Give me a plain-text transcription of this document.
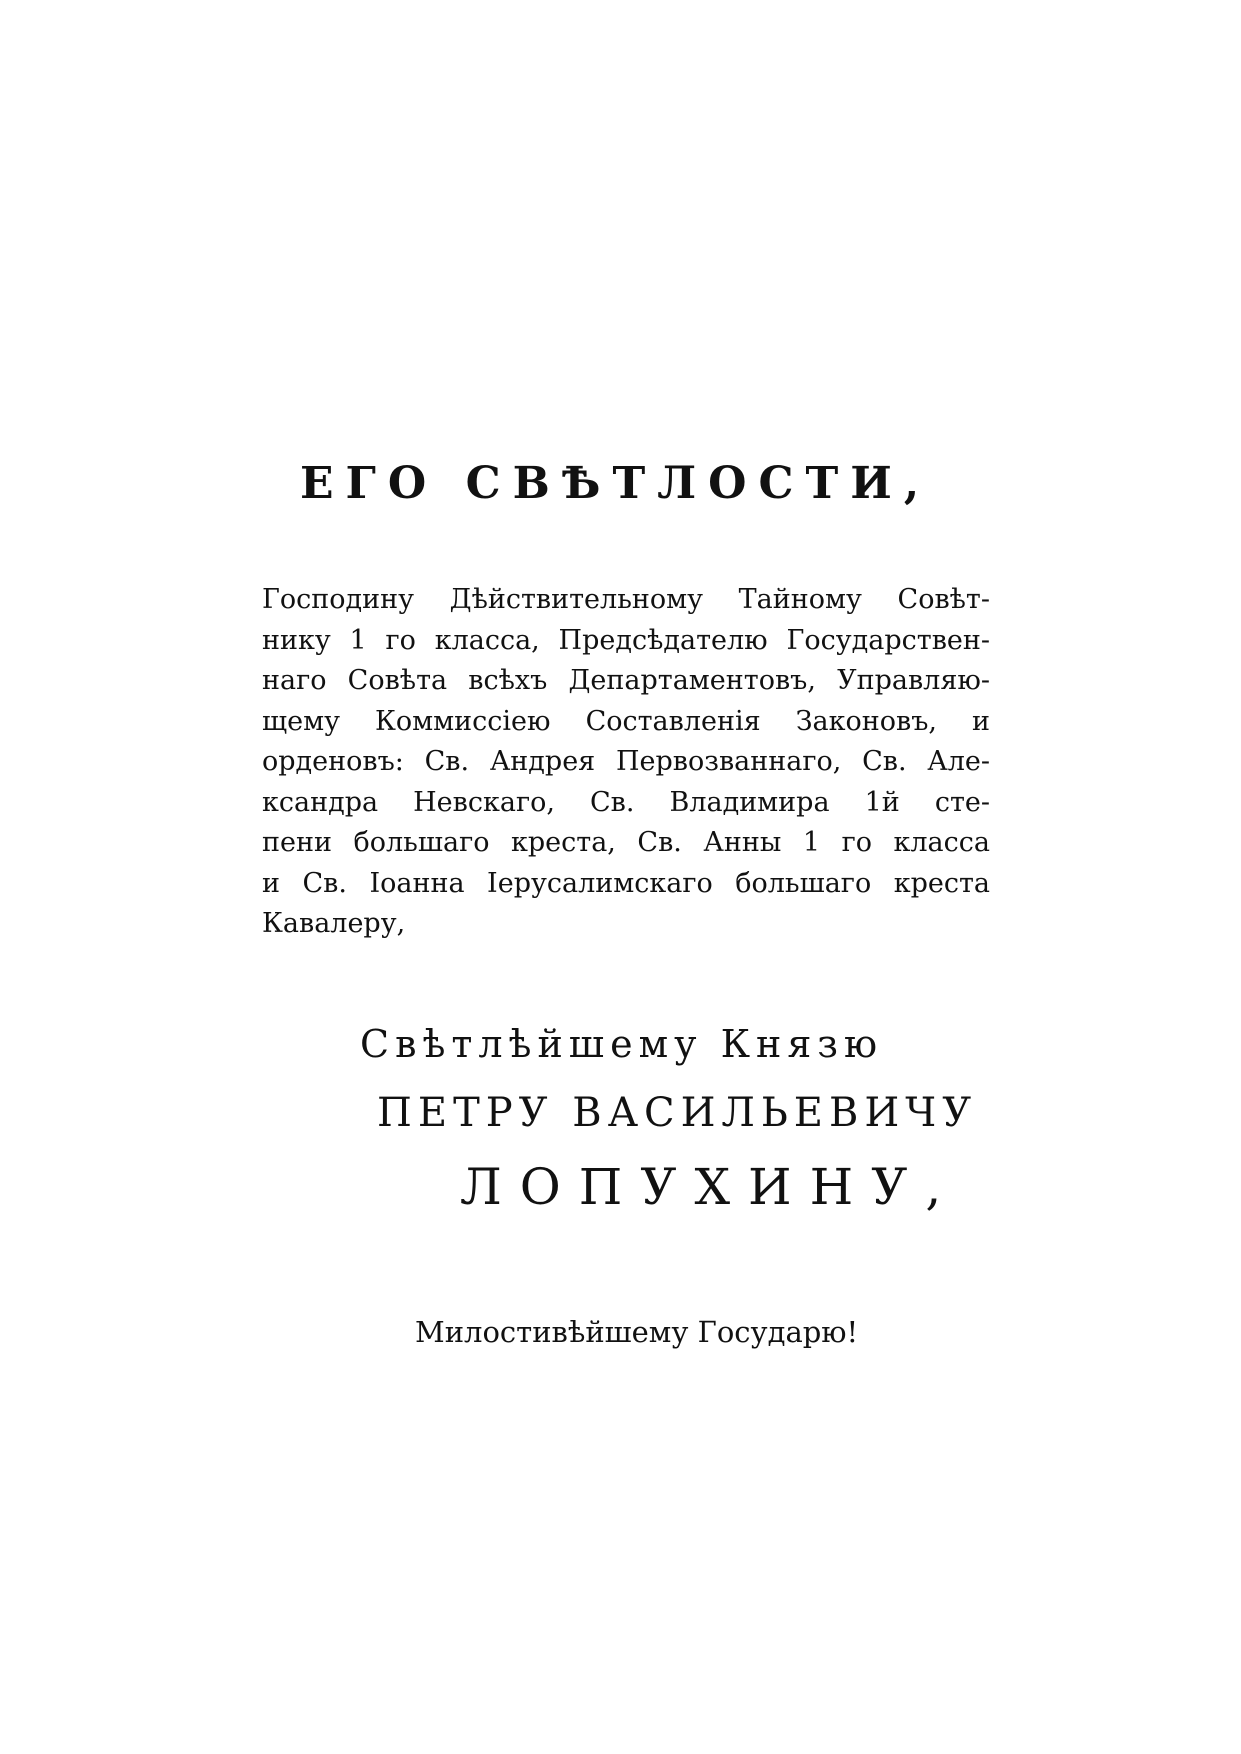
ЕГО СВѢТЛОСТИ,
Господину Дѣйствительному Тайному Совѣт-
нику 1 го класса, Предсѣдателю Государствен-
наго Совѣта всѣхъ Департаментовъ, Управляю-
щему Коммиссіею Составленія Законовъ, и
орденовъ: Св. Андрея Первозваннаго, Св. Але-
ксандра Невскаго, Св. Владимира 1й сте-
пени большаго креста, Св. Анны 1 го класса
и Св. Іоанна Іерусалимскаго большаго креста
Кавалеру,
Свѣтлѣйшему Князю
ПЕТРУ ВАСИЛЬЕВИЧУ
ЛОПУХИНУ,
Милостивѣйшему Государю!
